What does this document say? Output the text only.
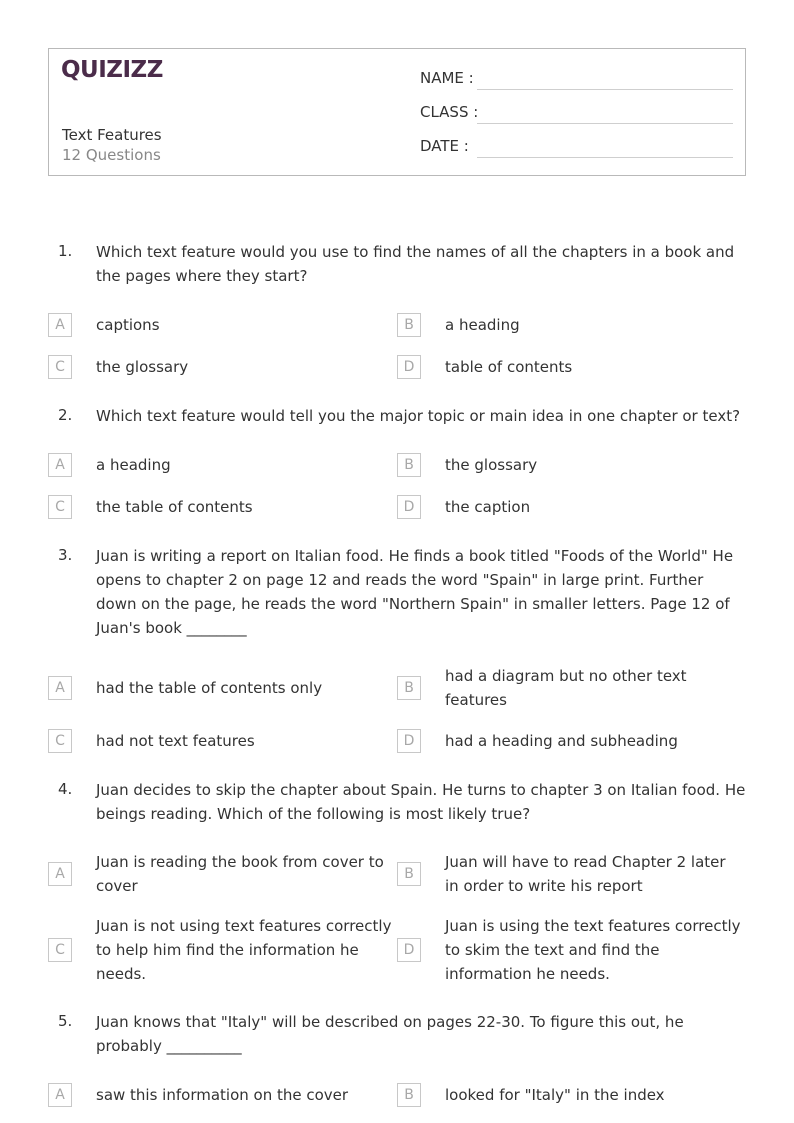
QUIZIZZ
Text Features
12 Questions
NAME :
CLASS :
DATE :
1. Which text feature would you use to find the names of all the chapters in a book and the pages where they start?
A	captions	B	a heading
C	the glossary	D	table of contents
2. Which text feature would tell you the major topic or main idea in one chapter or text?
A	a heading	B	the glossary
C	the table of contents	D	the caption
3. Juan is writing a report on Italian food. He finds a book titled "Foods of the World" He opens to chapter 2 on page 12 and reads the word "Spain" in large print. Further down on the page, he reads the word "Northern Spain" in smaller letters. Page 12 of Juan's book ________
A	had the table of contents only	B
had a diagram but no other text features
C	had not text features	D	had a heading and subheading
4. Juan decides to skip the chapter about Spain. He turns to chapter 3 on Italian food. He beings reading. Which of the following is most likely true?
A
Juan is reading the book from cover to cover
B
Juan will have to read Chapter 2 later in order to write his report
C
Juan is not using text features correctly to help him find the information he needs.
D
Juan is using the text features correctly to skim the text and find the information he needs.
5. Juan knows that "Italy" will be described on pages 22-30. To figure this out, he probably __________
A	saw this information on the cover	B	looked for "Italy" in the index
